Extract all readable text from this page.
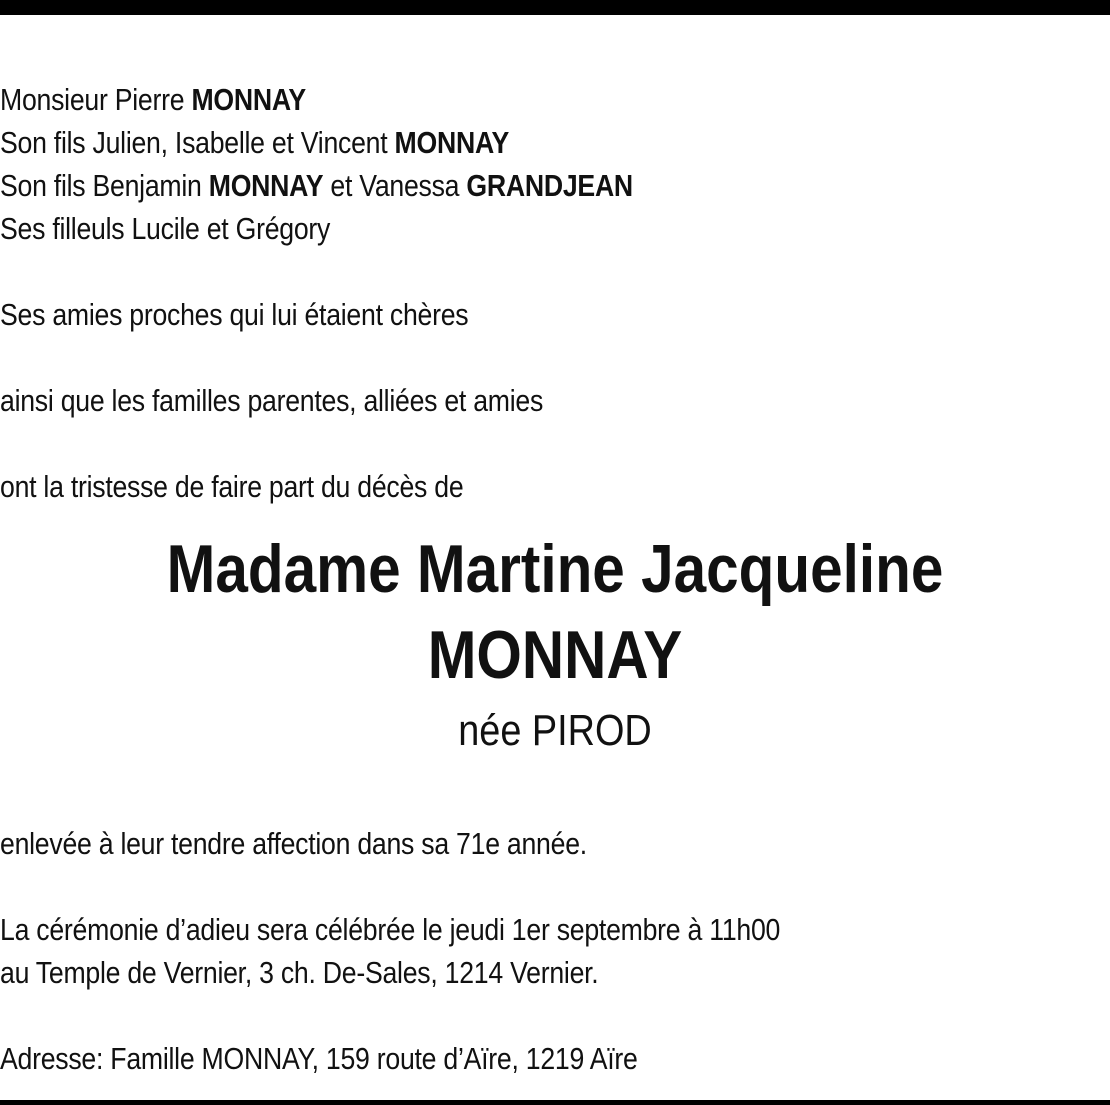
Monsieur Pierre MONNAY
Son fils Julien, Isabelle et Vincent MONNAY
Son fils Benjamin MONNAY et Vanessa GRANDJEAN
Ses filleuls Lucile et Grégory
Ses amies proches qui lui étaient chères
ainsi que les familles parentes, alliées et amies
ont la tristesse de faire part du décès de
Madame Martine Jacqueline
MONNAY
née PIROD
enlevée à leur tendre affection dans sa 71e année.
La cérémonie d’adieu sera célébrée le jeudi 1er septembre à 11h00
au Temple de Vernier, 3 ch. De-Sales, 1214 Vernier.
Adresse: Famille MONNAY, 159 route d’Aïre, 1219 Aïre
